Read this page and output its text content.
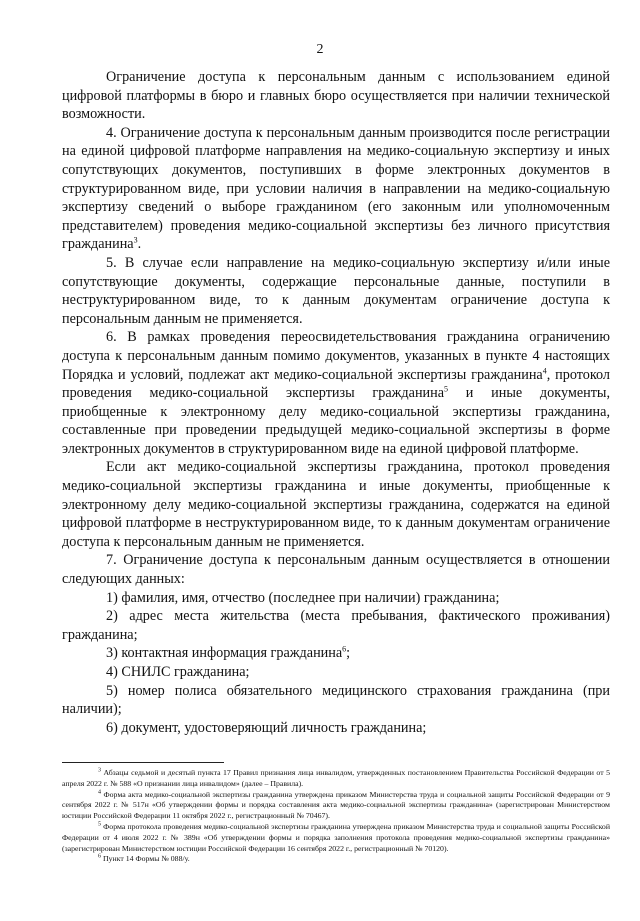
2

Ограничение доступа к персональным данным с использованием единой цифровой платформы в бюро и главных бюро осуществляется при наличии технической возможности.

4. Ограничение доступа к персональным данным производится после регистрации на единой цифровой платформе направления на медико-социальную экспертизу и иных сопутствующих документов, поступивших в форме электронных документов в структурированном виде, при условии наличия в направлении на медико-социальную экспертизу сведений о выборе гражданином (его законным или уполномоченным представителем) проведения медико-социальной экспертизы без личного присутствия гражданина$^3$.

5. В случае если направление на медико-социальную экспертизу и/или иные сопутствующие документы, содержащие персональные данные, поступили в неструктурированном виде, то к данным документам ограничение доступа к персональным данным не применяется.

6. В рамках проведения переосвидетельствования гражданина ограничению доступа к персональным данным помимо документов, указанных в пункте 4 настоящих Порядка и условий, подлежат акт медико-социальной экспертизы гражданина$^4$, протокол проведения медико-социальной экспертизы гражданина$^5$ и иные документы, приобщенные к электронному делу медико-социальной экспертизы гражданина, составленные при проведении предыдущей медико-социальной экспертизы в форме электронных документов в структурированном виде на единой цифровой платформе.

Если акт медико-социальной экспертизы гражданина, протокол проведения медико-социальной экспертизы гражданина и иные документы, приобщенные к электронному делу медико-социальной экспертизы гражданина, содержатся на единой цифровой платформе в неструктурированном виде, то к данным документам ограничение доступа к персональным данным не применяется.

7. Ограничение доступа к персональным данным осуществляется в отношении следующих данных:

1) фамилия, имя, отчество (последнее при наличии) гражданина;

2) адрес места жительства (места пребывания, фактического проживания) гражданина;

3) контактная информация гражданина$^6$;

4) СНИЛС гражданина;

5) номер полиса обязательного медицинского страхования гражданина (при наличии);

6) документ, удостоверяющий личность гражданина;

$^3$ Абзацы седьмой и десятый пункта 17 Правил признания лица инвалидом, утвержденных постановлением Правительства Российской Федерации от 5 апреля 2022 г. № 588 «О признании лица инвалидом» (далее – Правила).

$^4$ Форма акта медико-социальной экспертизы гражданина утверждена приказом Министерства труда и социальной защиты Российской Федерации от 9 сентября 2022 г. № 517н «Об утверждении формы и порядка составления акта медико-социальной экспертизы гражданина» (зарегистрирован Министерством юстиции Российской Федерации 11 октября 2022 г., регистрационный № 70467).

$^5$ Форма протокола проведения медико-социальной экспертизы гражданина утверждена приказом Министерства труда и социальной защиты Российской Федерации от 4 июля 2022 г. № 389н «Об утверждении формы и порядка заполнения протокола проведения медико-социальной экспертизы гражданина» (зарегистрирован Министерством юстиции Российской Федерации 16 сентября 2022 г., регистрационный № 70120).

$^6$ Пункт 14 Формы № 088/у.
